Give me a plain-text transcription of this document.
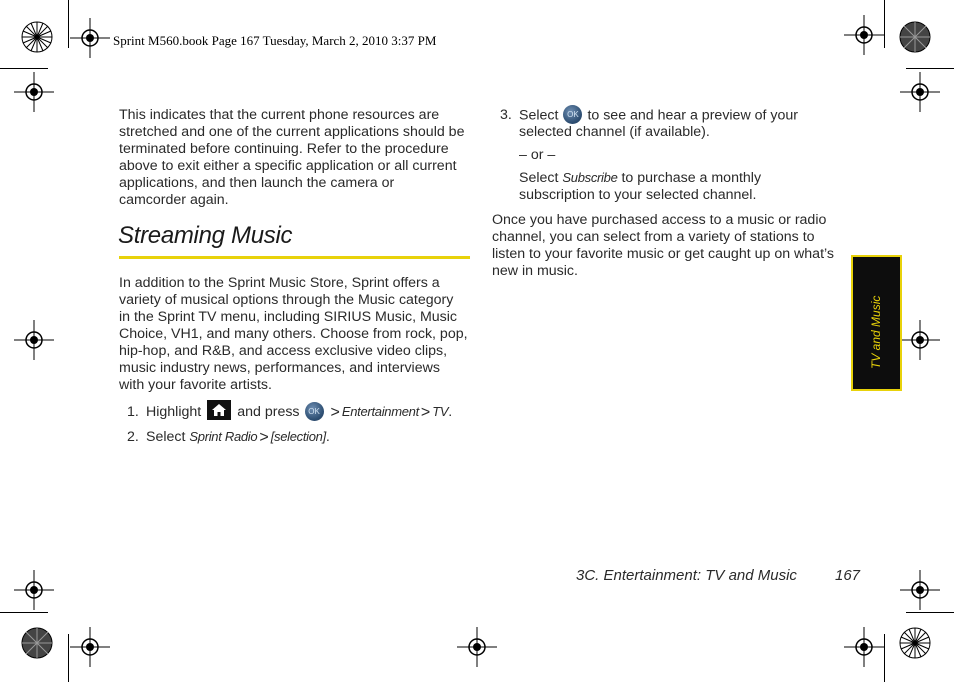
Sprint M560.book Page 167 Tuesday, March 2, 2010 3:37 PM
This indicates that the current phone resources are
stretched and one of the current applications should be
terminated before continuing. Refer to the procedure
above to exit either a specific application or all current
applications, and then launch the camera or
camcorder again.
Streaming Music
In addition to the Sprint Music Store, Sprint offers a
variety of musical options through the Music category
in the Sprint TV menu, including SIRIUS Music, Music
Choice, VH1, and many others. Choose from rock, pop,
hip-hop, and R&B, and access exclusive video clips,
music industry news, performances, and interviews
with your favorite artists.
1. Highlight	and press OK > Entertainment > TV.
2. Select Sprint Radio > [selection].
3. Select OK to see and hear a preview of your
selected channel (if available).
– or –
Select Subscribe to purchase a monthly
subscription to your selected channel.
Once you have purchased access to a music or radio
channel, you can select from a variety of stations to
listen to your favorite music or get caught up on what’s
new in music.
TV and Music
3C. Entertainment: TV and Music	167
